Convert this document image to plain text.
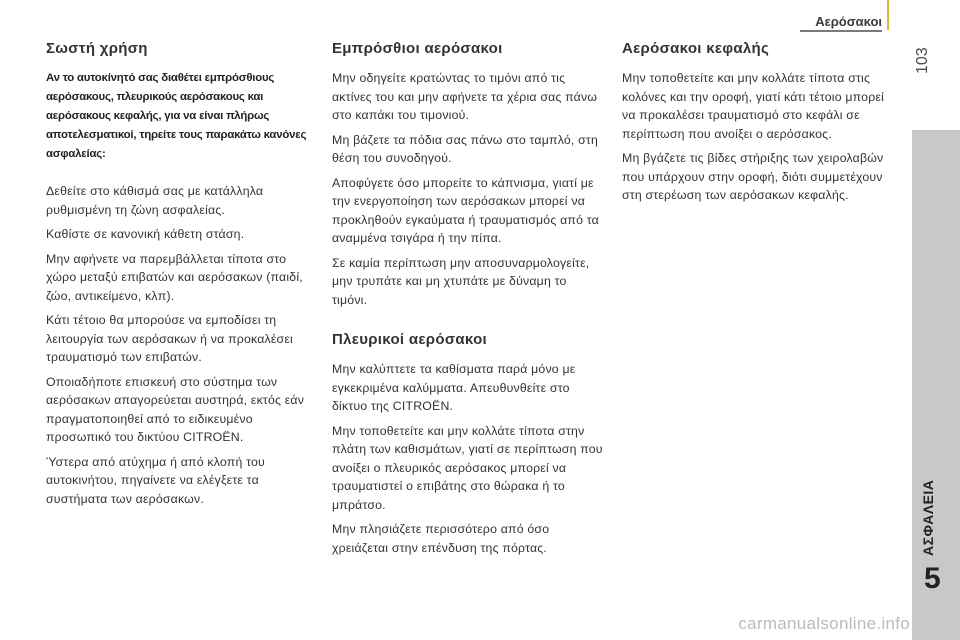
Αερόσακοι
103
ΑΣΦΑΛΕΙΑ
5
Σωστή χρήση
Αν το αυτοκίνητό σας διαθέτει εμπρόσθιους αερόσακους, πλευρικούς αερόσακους και αερόσακους κεφαλής, για να είναι πλήρως αποτελεσματικοί, τηρείτε τους παρακάτω κανόνες ασφαλείας:

Δεθείτε στο κάθισμά σας με κατάλληλα ρυθμισμένη τη ζώνη ασφαλείας.

Καθίστε σε κανονική κάθετη στάση.

Μην αφήνετε να παρεμβάλλεται τίποτα στο χώρο μεταξύ επιβατών και αερόσακων (παιδί, ζώο, αντικείμενο, κλπ).

Κάτι τέτοιο θα μπορούσε να εμποδίσει τη λειτουργία των αερόσακων ή να προκαλέσει τραυματισμό των επιβατών.

Οποιαδήποτε επισκευή στο σύστημα των αερόσακων απαγορεύεται αυστηρά, εκτός εάν πραγματοποιηθεί από το ειδικευμένο προσωπικό του δικτύου CITROËN.

Ύστερα από ατύχημα ή από κλοπή του αυτοκινήτου, πηγαίνετε να ελέγξετε τα συστήματα των αερόσακων.

Εμπρόσθιοι αερόσακοι

Μην οδηγείτε κρατώντας το τιμόνι από τις ακτίνες του και μην αφήνετε τα χέρια σας πάνω στο καπάκι του τιμονιού.

Μη βάζετε τα πόδια σας πάνω στο ταμπλό, στη θέση του συνοδηγού.

Αποφύγετε όσο μπορείτε το κάπνισμα, γιατί με την ενεργοποίηση των αερόσακων μπορεί να προκληθούν εγκαύματα ή τραυματισμός από τα αναμμένα τσιγάρα ή την πίπα.

Σε καμία περίπτωση μην αποσυναρμολογείτε, μην τρυπάτε και μη χτυπάτε με δύναμη το τιμόνι.

Πλευρικοί αερόσακοι

Μην καλύπτετε τα καθίσματα παρά μόνο με εγκεκριμένα καλύμματα. Απευθυνθείτε στο δίκτυο της CITROËN.

Μην τοποθετείτε και μην κολλάτε τίποτα στην πλάτη των καθισμάτων, γιατί σε περίπτωση που ανοίξει ο πλευρικός αερόσακος μπορεί να τραυματιστεί ο επιβάτης στο θώρακα ή το μπράτσο.

Μην πλησιάζετε περισσότερο από όσο χρειάζεται στην επένδυση της πόρτας.

Αερόσακοι κεφαλής

Μην τοποθετείτε και μην κολλάτε τίποτα στις κολόνες και την οροφή, γιατί κάτι τέτοιο μπορεί να προκαλέσει τραυματισμό στο κεφάλι σε περίπτωση που ανοίξει ο αερόσακος.

Μη βγάζετε τις βίδες στήριξης των χειρολαβών που υπάρχουν στην οροφή, διότι συμμετέχουν στη στερέωση των αερόσακων κεφαλής.

carmanualsonline.info
